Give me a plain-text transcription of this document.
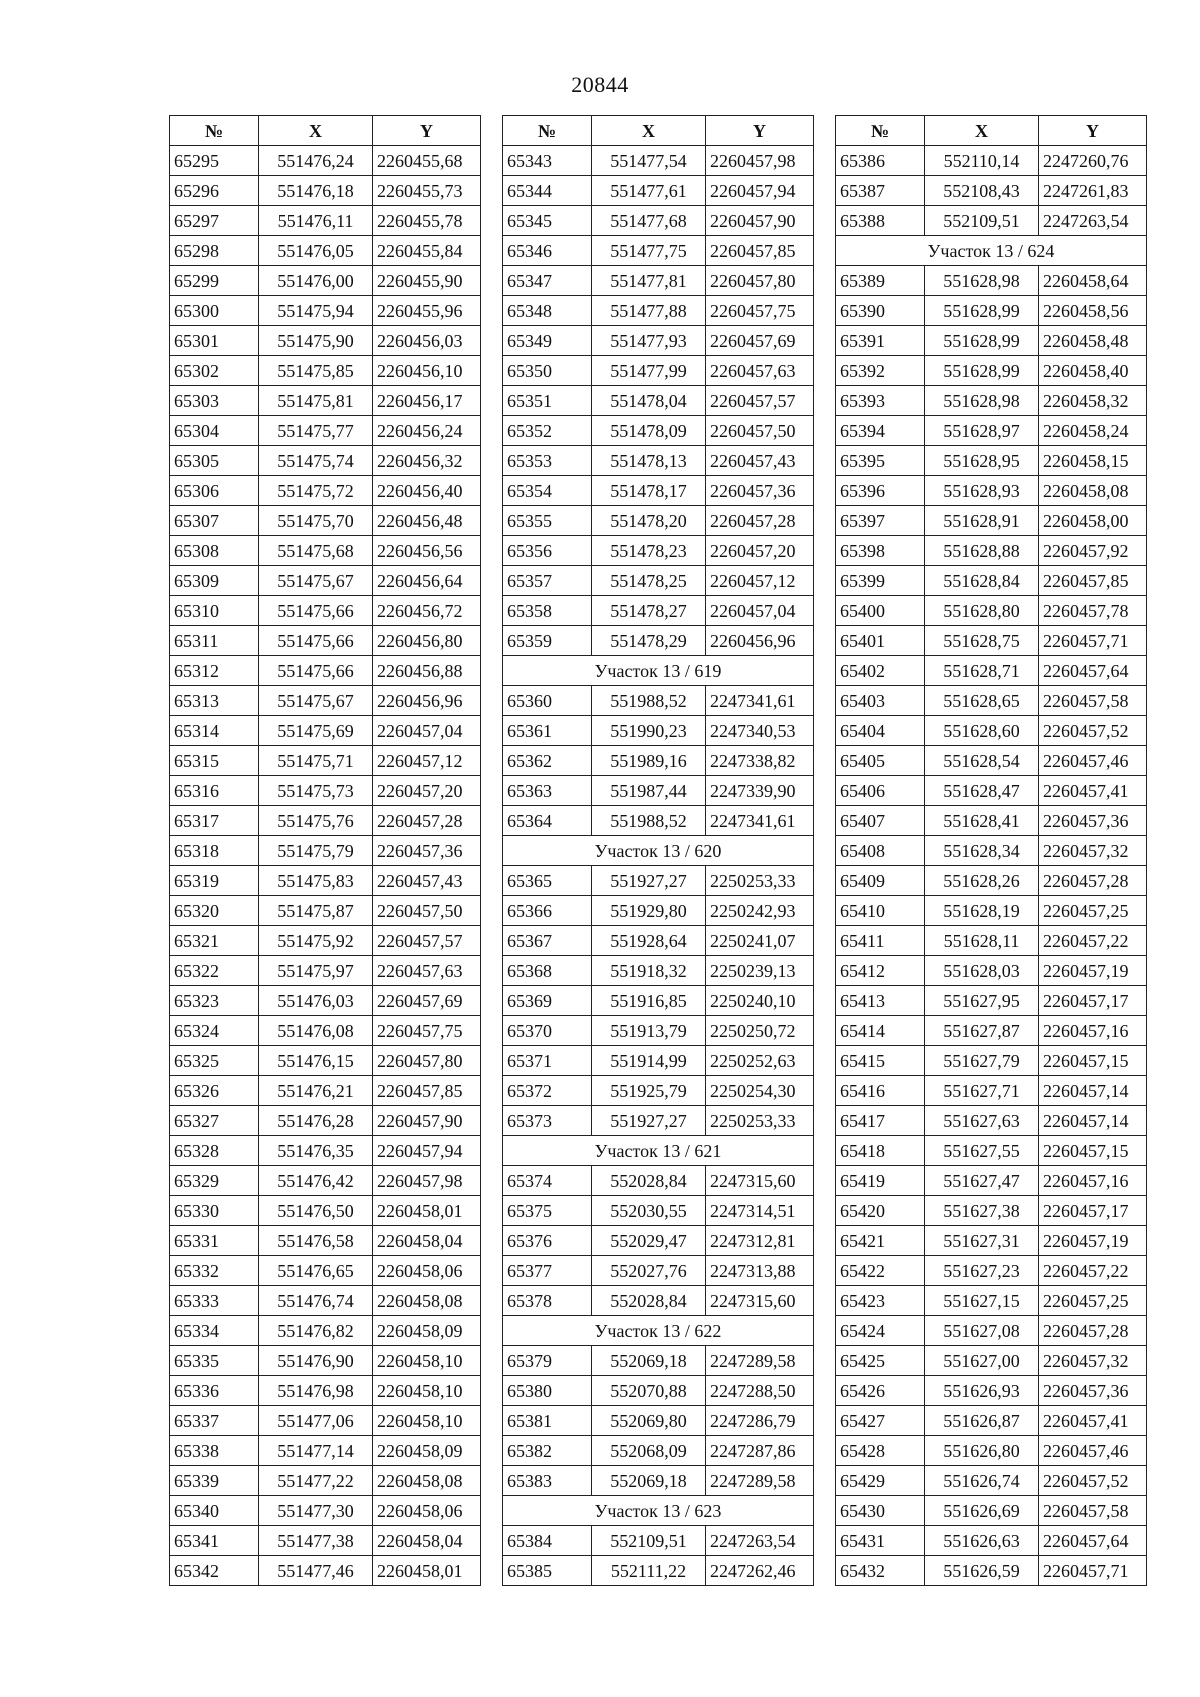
20844
№	X	Y
65295	551476,24	2260455,68
65296	551476,18	2260455,73
65297	551476,11	2260455,78
65298	551476,05	2260455,84
65299	551476,00	2260455,90
65300	551475,94	2260455,96
65301	551475,90	2260456,03
65302	551475,85	2260456,10
65303	551475,81	2260456,17
65304	551475,77	2260456,24
65305	551475,74	2260456,32
65306	551475,72	2260456,40
65307	551475,70	2260456,48
65308	551475,68	2260456,56
65309	551475,67	2260456,64
65310	551475,66	2260456,72
65311	551475,66	2260456,80
65312	551475,66	2260456,88
65313	551475,67	2260456,96
65314	551475,69	2260457,04
65315	551475,71	2260457,12
65316	551475,73	2260457,20
65317	551475,76	2260457,28
65318	551475,79	2260457,36
65319	551475,83	2260457,43
65320	551475,87	2260457,50
65321	551475,92	2260457,57
65322	551475,97	2260457,63
65323	551476,03	2260457,69
65324	551476,08	2260457,75
65325	551476,15	2260457,80
65326	551476,21	2260457,85
65327	551476,28	2260457,90
65328	551476,35	2260457,94
65329	551476,42	2260457,98
65330	551476,50	2260458,01
65331	551476,58	2260458,04
65332	551476,65	2260458,06
65333	551476,74	2260458,08
65334	551476,82	2260458,09
65335	551476,90	2260458,10
65336	551476,98	2260458,10
65337	551477,06	2260458,10
65338	551477,14	2260458,09
65339	551477,22	2260458,08
65340	551477,30	2260458,06
65341	551477,38	2260458,04
65342	551477,46	2260458,01
№	X	Y
65343	551477,54	2260457,98
65344	551477,61	2260457,94
65345	551477,68	2260457,90
65346	551477,75	2260457,85
65347	551477,81	2260457,80
65348	551477,88	2260457,75
65349	551477,93	2260457,69
65350	551477,99	2260457,63
65351	551478,04	2260457,57
65352	551478,09	2260457,50
65353	551478,13	2260457,43
65354	551478,17	2260457,36
65355	551478,20	2260457,28
65356	551478,23	2260457,20
65357	551478,25	2260457,12
65358	551478,27	2260457,04
65359	551478,29	2260456,96
Участок 13 / 619		
65360	551988,52	2247341,61
65361	551990,23	2247340,53
65362	551989,16	2247338,82
65363	551987,44	2247339,90
65364	551988,52	2247341,61
Участок 13 / 620		
65365	551927,27	2250253,33
65366	551929,80	2250242,93
65367	551928,64	2250241,07
65368	551918,32	2250239,13
65369	551916,85	2250240,10
65370	551913,79	2250250,72
65371	551914,99	2250252,63
65372	551925,79	2250254,30
65373	551927,27	2250253,33
Участок 13 / 621		
65374	552028,84	2247315,60
65375	552030,55	2247314,51
65376	552029,47	2247312,81
65377	552027,76	2247313,88
65378	552028,84	2247315,60
Участок 13 / 622		
65379	552069,18	2247289,58
65380	552070,88	2247288,50
65381	552069,80	2247286,79
65382	552068,09	2247287,86
65383	552069,18	2247289,58
Участок 13 / 623		
65384	552109,51	2247263,54
65385	552111,22	2247262,46
№	X	Y
65386	552110,14	2247260,76
65387	552108,43	2247261,83
65388	552109,51	2247263,54
Участок 13 / 624		
65389	551628,98	2260458,64
65390	551628,99	2260458,56
65391	551628,99	2260458,48
65392	551628,99	2260458,40
65393	551628,98	2260458,32
65394	551628,97	2260458,24
65395	551628,95	2260458,15
65396	551628,93	2260458,08
65397	551628,91	2260458,00
65398	551628,88	2260457,92
65399	551628,84	2260457,85
65400	551628,80	2260457,78
65401	551628,75	2260457,71
65402	551628,71	2260457,64
65403	551628,65	2260457,58
65404	551628,60	2260457,52
65405	551628,54	2260457,46
65406	551628,47	2260457,41
65407	551628,41	2260457,36
65408	551628,34	2260457,32
65409	551628,26	2260457,28
65410	551628,19	2260457,25
65411	551628,11	2260457,22
65412	551628,03	2260457,19
65413	551627,95	2260457,17
65414	551627,87	2260457,16
65415	551627,79	2260457,15
65416	551627,71	2260457,14
65417	551627,63	2260457,14
65418	551627,55	2260457,15
65419	551627,47	2260457,16
65420	551627,38	2260457,17
65421	551627,31	2260457,19
65422	551627,23	2260457,22
65423	551627,15	2260457,25
65424	551627,08	2260457,28
65425	551627,00	2260457,32
65426	551626,93	2260457,36
65427	551626,87	2260457,41
65428	551626,80	2260457,46
65429	551626,74	2260457,52
65430	551626,69	2260457,58
65431	551626,63	2260457,64
65432	551626,59	2260457,71
